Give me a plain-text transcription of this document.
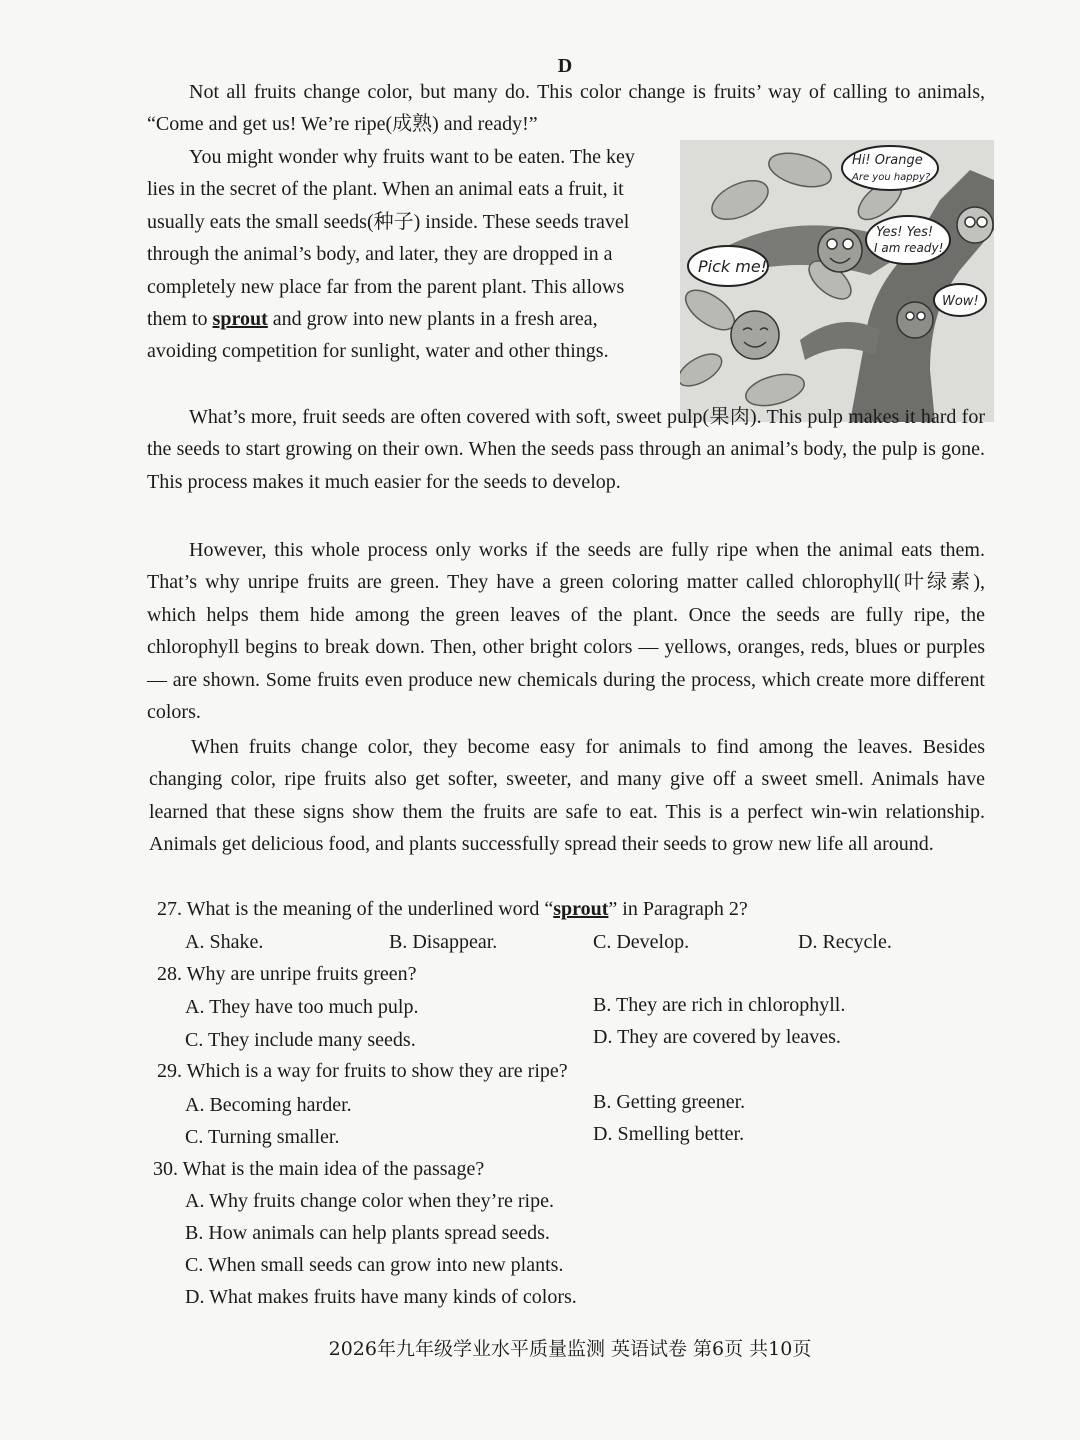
D

Not all fruits change color, but many do. This color change is fruits’ way of calling to animals, “Come and get us! We’re ripe(成熟) and ready!”

You might wonder why fruits want to be eaten. The key lies in the secret of the plant. When an animal eats a fruit, it usually eats the small seeds(种子) inside. These seeds travel through the animal’s body, and later, they are dropped in a completely new place far from the parent plant. This allows them to sprout and grow into new plants in a fresh area, avoiding competition for sunlight, water and other things.

Hi! Orange
Are you happy?
Yes! Yes!
I am ready!
Pick me!
Wow!

What’s more, fruit seeds are often covered with soft, sweet pulp(果肉). This pulp makes it hard for the seeds to start growing on their own. When the seeds pass through an animal’s body, the pulp is gone. This process makes it much easier for the seeds to develop.

However, this whole process only works if the seeds are fully ripe when the animal eats them. That’s why unripe fruits are green. They have a green coloring matter called chlorophyll(叶绿素), which helps them hide among the green leaves of the plant. Once the seeds are fully ripe, the chlorophyll begins to break down. Then, other bright colors — yellows, oranges, reds, blues or purples — are shown. Some fruits even produce new chemicals during the process, which create more different colors.

When fruits change color, they become easy for animals to find among the leaves. Besides changing color, ripe fruits also get softer, sweeter, and many give off a sweet smell. Animals have learned that these signs show them the fruits are safe to eat. This is a perfect win-win relationship. Animals get delicious food, and plants successfully spread their seeds to grow new life all around.

27. What is the meaning of the underlined word “sprout” in Paragraph 2?
A. Shake.	B. Disappear.	C. Develop.	D. Recycle.
28. Why are unripe fruits green?
A. They have too much pulp.	B. They are rich in chlorophyll.
C. They include many seeds.	D. They are covered by leaves.
29. Which is a way for fruits to show they are ripe?
A. Becoming harder.	B. Getting greener.
C. Turning smaller.	D. Smelling better.
30. What is the main idea of the passage?
A. Why fruits change color when they’re ripe.
B. How animals can help plants spread seeds.
C. When small seeds can grow into new plants.
D. What makes fruits have many kinds of colors.
2026年九年级学业水平质量监测 英语试卷 第6页 共10页
